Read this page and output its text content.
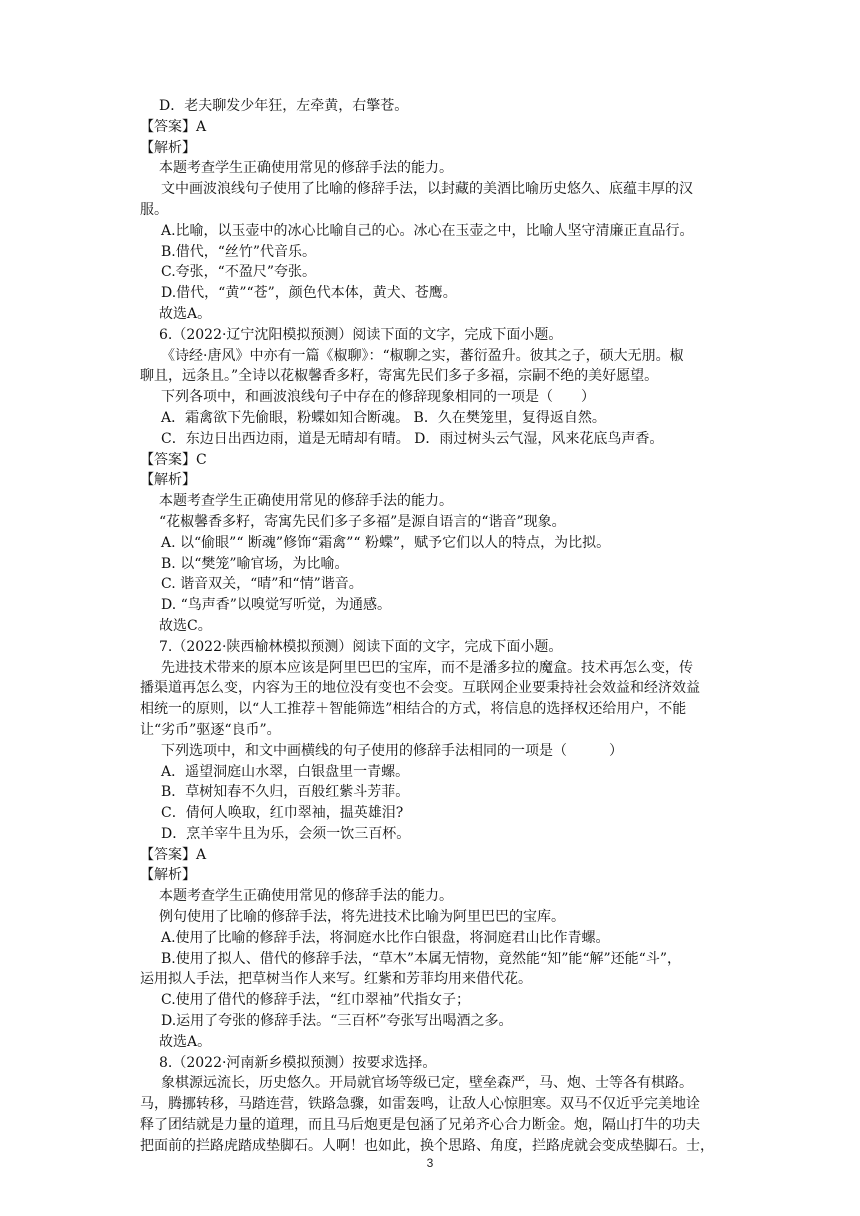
D．老夫聊发少年狂，左牵黄，右擎苍。

【答案】A

【解析】

本题考查学生正确使用常见的修辞手法的能力。

文中画波浪线句子使用了比喻的修辞手法，以封藏的美酒比喻历史悠久、底蕴丰厚的汉

服。

A.比喻，以玉壶中的冰心比喻自己的心。冰心在玉壶之中，比喻人坚守清廉正直品行。

B.借代，“丝竹”代音乐。

C.夸张，“不盈尺”夸张。

D.借代，“黄”“苍”，颜色代本体，黄犬、苍鹰。

故选A。

6.（2022·辽宁沈阳模拟预测）阅读下面的文字，完成下面小题。

《诗经·唐风》中亦有一篇《椒聊》：“椒聊之实，蕃衍盈升。彼其之子，硕大无朋。椒

聊且，远条且。”全诗以花椒馨香多籽，寄寓先民们多子多福，宗嗣不绝的美好愿望。

下列各项中，和画波浪线句子中存在的修辞现象相同的一项是（　　）

A．霜禽欲下先偷眼，粉蝶如知合断魂。 B．久在樊笼里，复得返自然。

C．东边日出西边雨，道是无晴却有晴。 D．雨过树头云气湿，风来花底鸟声香。

【答案】C

【解析】

本题考查学生正确使用常见的修辞手法的能力。

“花椒馨香多籽，寄寓先民们多子多福”是源自语言的“谐音”现象。

A. 以“偷眼”“ 断魂”修饰“霜禽”“ 粉蝶”，赋予它们以人的特点，为比拟。

B. 以“樊笼”喻官场，为比喻。

C. 谐音双关，“晴”和“情”谐音。

D. “鸟声香”以嗅觉写听觉，为通感。

故选C。

7.（2022·陕西榆林模拟预测）阅读下面的文字，完成下面小题。

先进技术带来的原本应该是阿里巴巴的宝库，而不是潘多拉的魔盒。技术再怎么变，传

播渠道再怎么变，内容为王的地位没有变也不会变。互联网企业要秉持社会效益和经济效益

相统一的原则，以“人工推荐＋智能筛选”相结合的方式，将信息的选择权还给用户，不能

让“劣币”驱逐“良币”。

下列选项中，和文中画横线的句子使用的修辞手法相同的一项是（　　　）

A．遥望洞庭山水翠，白银盘里一青螺。

B．草树知春不久归，百般红紫斗芳菲。

C．倩何人唤取，红巾翠袖，揾英雄泪?

D．烹羊宰牛且为乐，会须一饮三百杯。

【答案】A

【解析】

本题考查学生正确使用常见的修辞手法的能力。

例句使用了比喻的修辞手法，将先进技术比喻为阿里巴巴的宝库。

A.使用了比喻的修辞手法，将洞庭水比作白银盘，将洞庭君山比作青螺。

B.使用了拟人、借代的修辞手法，“草木”本属无情物，竟然能“知”能“解”还能“斗”，

运用拟人手法，把草树当作人来写。红紫和芳菲均用来借代花。

C.使用了借代的修辞手法，“红巾翠袖”代指女子；

D.运用了夸张的修辞手法。“三百杯”夸张写出喝酒之多。

故选A。

8.（2022·河南新乡模拟预测）按要求选择。

象棋源远流长，历史悠久。开局就官场等级已定，壁垒森严，马、炮、士等各有棋路。

马，腾挪转移，马踏连营，铁路急骤，如雷轰鸣，让敌人心惊胆寒。双马不仅近乎完美地诠

释了团结就是力量的道理，而且马后炮更是包涵了兄弟齐心合力断金。炮，隔山打牛的功夫

把面前的拦路虎踏成垫脚石。人啊！也如此，换个思路、角度，拦路虎就会变成垫脚石。士，

3
